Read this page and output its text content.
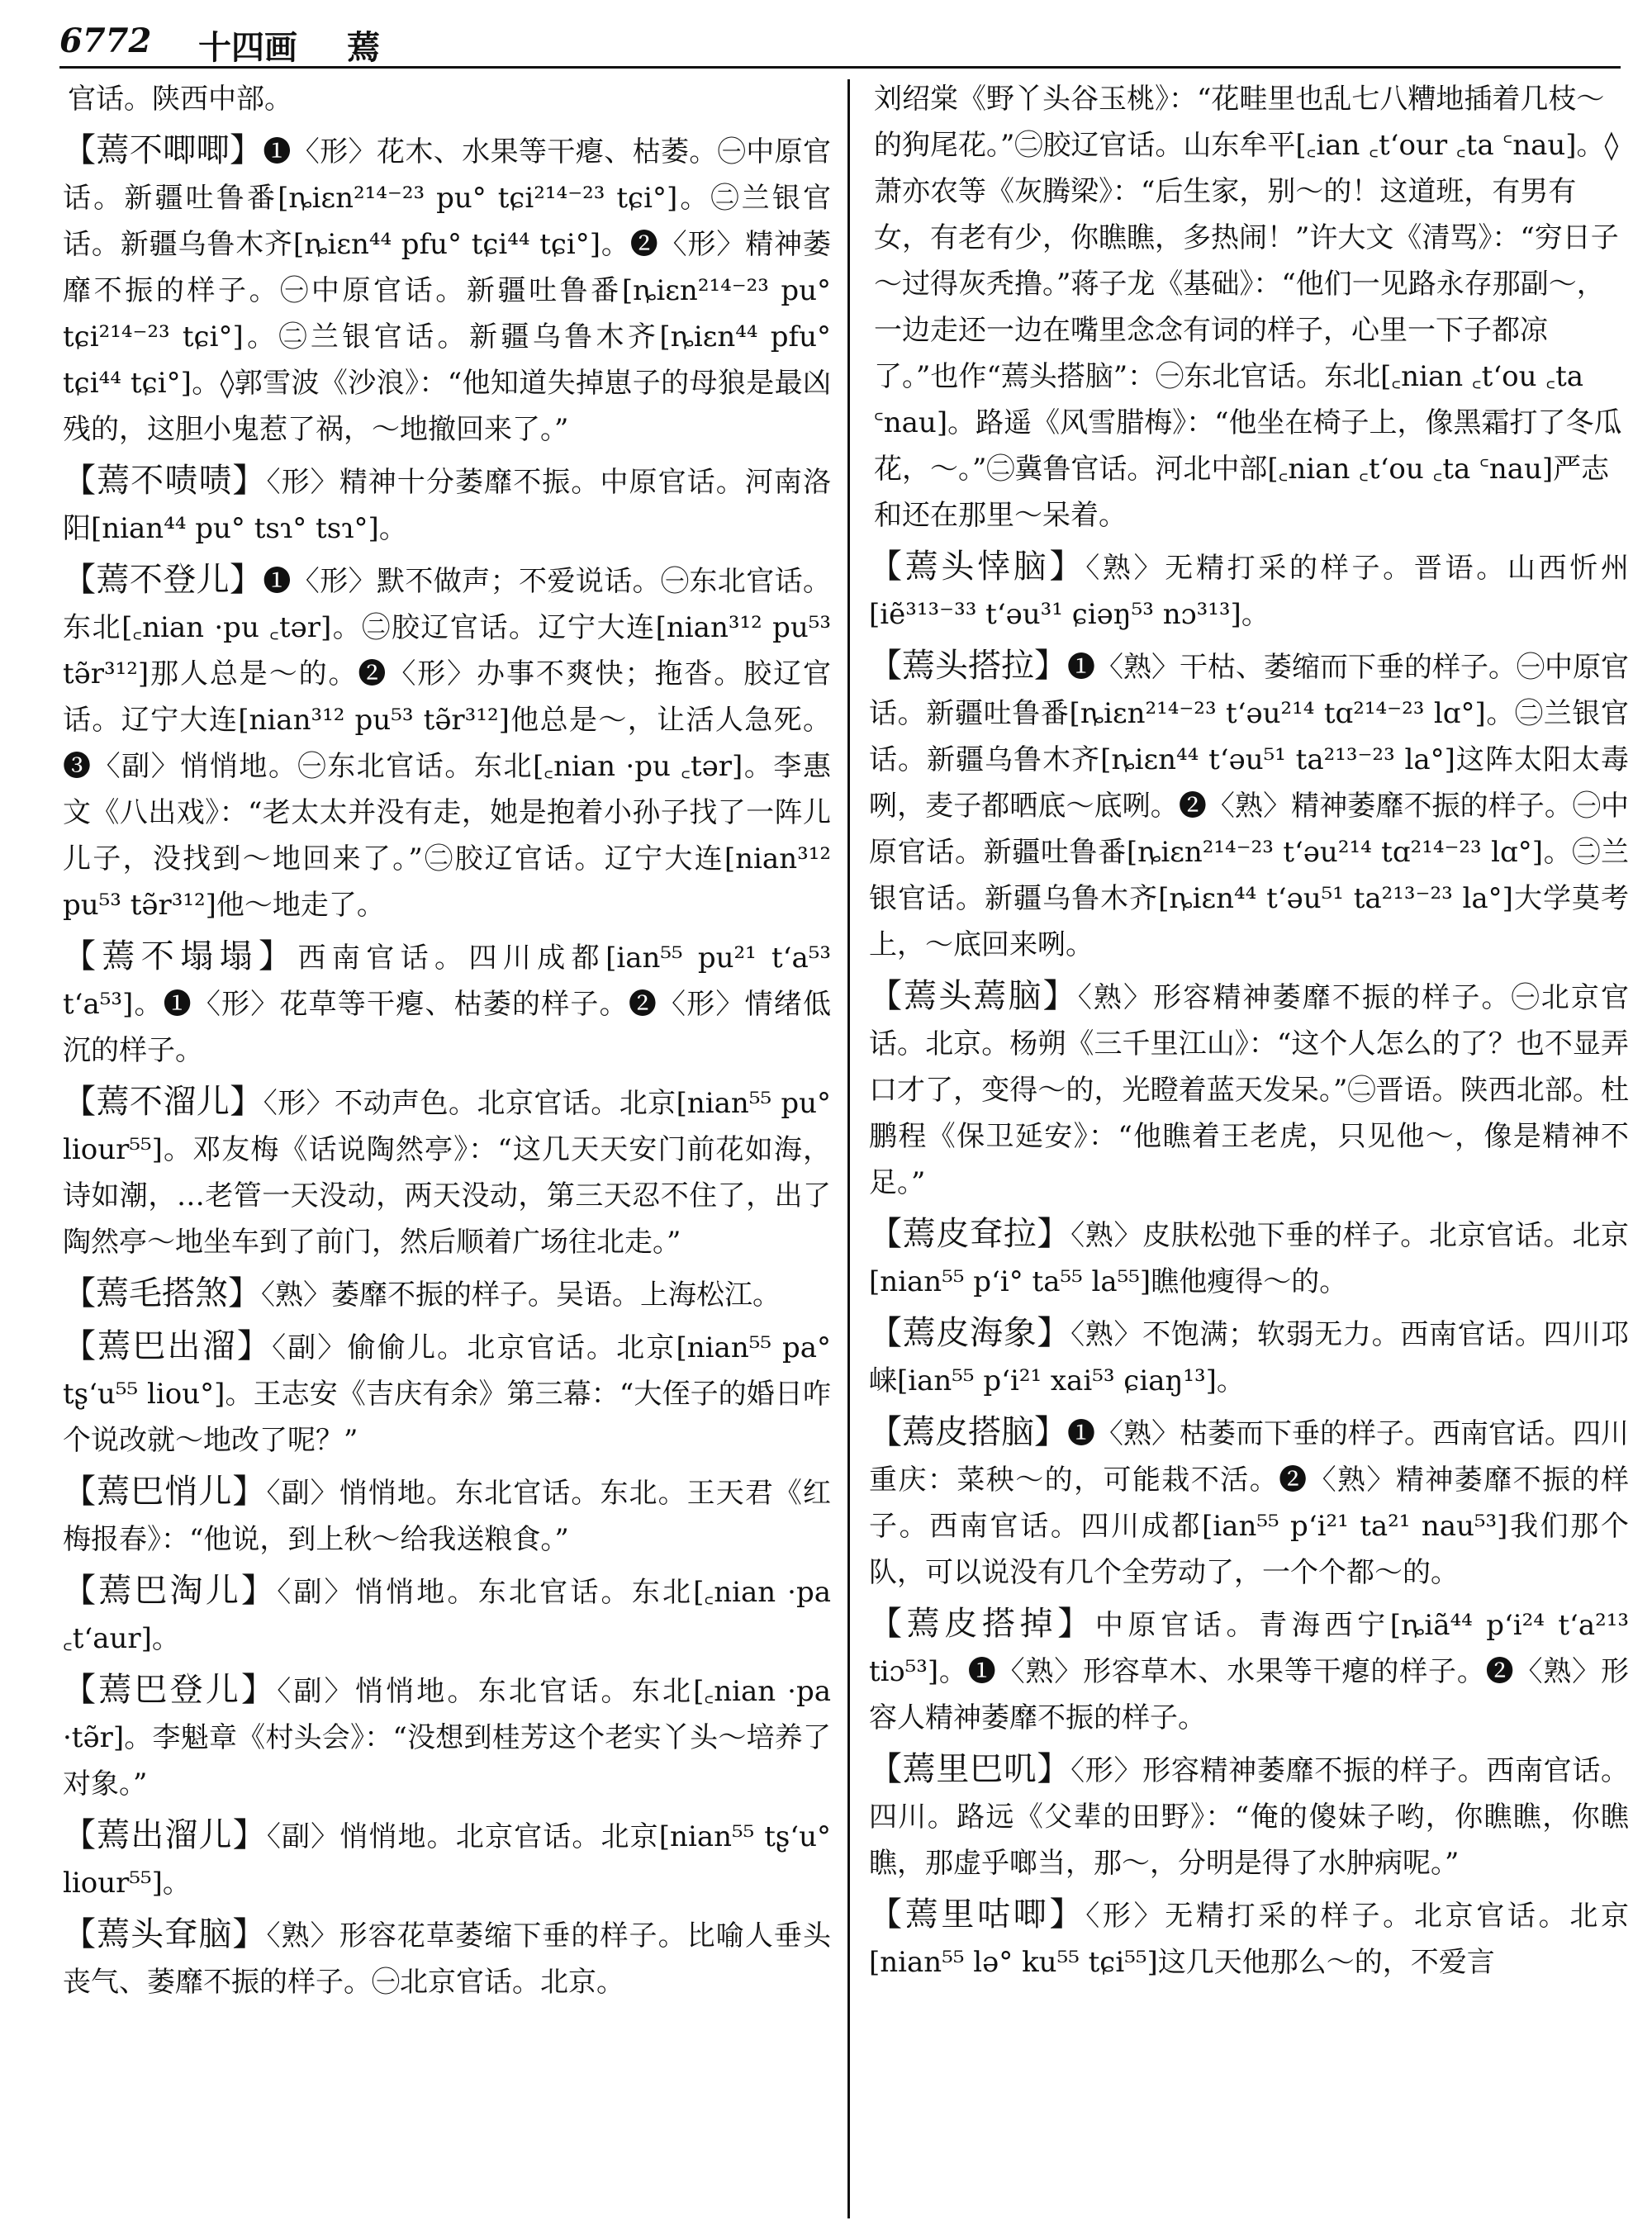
6772 十四画 蔫

官话。陕西中部。

【蔫不唧唧】❶〈形〉花木、水果等干瘪、枯萎。㊀中原官话。新疆吐鲁番[ȵiɛn²¹⁴⁻²³ pu° tɕi²¹⁴⁻²³ tɕi°]。㊁兰银官话。新疆乌鲁木齐[ȵiɛn⁴⁴ pfu° tɕi⁴⁴ tɕi°]。❷〈形〉精神萎靡不振的样子。㊀中原官话。新疆吐鲁番[ȵiɛn²¹⁴⁻²³ pu° tɕi²¹⁴⁻²³ tɕi°]。㊁兰银官话。新疆乌鲁木齐[ȵiɛn⁴⁴ pfu° tɕi⁴⁴ tɕi°]。◊郭雪波《沙浪》：“他知道失掉崽子的母狼是最凶残的，这胆小鬼惹了祸，～地撤回来了。”

【蔫不啧啧】〈形〉精神十分萎靡不振。中原官话。河南洛阳[nian⁴⁴ pu° tsɿ° tsɿ°]。

【蔫不登儿】❶〈形〉默不做声；不爱说话。㊀东北官话。东北[꜀nian ·pu ꜀tər]。㊁胶辽官话。辽宁大连[nian³¹² pu⁵³ tə̃r³¹²]那人总是～的。❷〈形〉办事不爽快；拖沓。胶辽官话。辽宁大连[nian³¹² pu⁵³ tə̃r³¹²]他总是～，让活人急死。❸〈副〉悄悄地。㊀东北官话。东北[꜀nian ·pu ꜀tər]。李惠文《八出戏》：“老太太并没有走，她是抱着小孙子找了一阵儿儿子，没找到～地回来了。”㊁胶辽官话。辽宁大连[nian³¹² pu⁵³ tə̃r³¹²]他～地走了。

【蔫不塌塌】西南官话。四川成都[ian⁵⁵ pu²¹ tʻa⁵³ tʻa⁵³]。❶〈形〉花草等干瘪、枯萎的样子。❷〈形〉情绪低沉的样子。

【蔫不溜儿】〈形〉不动声色。北京官话。北京[nian⁵⁵ pu° liour⁵⁵]。邓友梅《话说陶然亭》：“这几天天安门前花如海，诗如潮，…老管一天没动，两天没动，第三天忍不住了，出了陶然亭～地坐车到了前门，然后顺着广场往北走。”

【蔫毛搭煞】〈熟〉萎靡不振的样子。吴语。上海松江。

【蔫巴出溜】〈副〉偷偷儿。北京官话。北京[nian⁵⁵ pa° tʂʻu⁵⁵ liou°]。王志安《吉庆有余》第三幕：“大侄子的婚日咋个说改就～地改了呢？”

【蔫巴悄儿】〈副〉悄悄地。东北官话。东北。王天君《红梅报春》：“他说，到上秋～给我送粮食。”

【蔫巴淘儿】〈副〉悄悄地。东北官话。东北[꜀nian ·pa ꜀tʻaur]。

【蔫巴登儿】〈副〉悄悄地。东北官话。东北[꜀nian ·pa ·tə̃r]。李魁章《村头会》：“没想到桂芳这个老实丫头～培养了对象。”

【蔫出溜儿】〈副〉悄悄地。北京官话。北京[nian⁵⁵ tʂʻu° liour⁵⁵]。

【蔫头耷脑】〈熟〉形容花草萎缩下垂的样子。比喻人垂头丧气、萎靡不振的样子。㊀北京官话。北京。

刘绍棠《野丫头谷玉桃》：“花畦里也乱七八糟地插着几枝～的狗尾花。”㊁胶辽官话。山东牟平[꜀ian ꜀tʻour ꜀ta ꜂nau]。◊萧亦农等《灰腾梁》：“后生家，别～的！这道班，有男有女，有老有少，你瞧瞧，多热闹！”许大文《清骂》：“穷日子～过得灰秃撸。”蒋子龙《基础》：“他们一见路永存那副～，一边走还一边在嘴里念念有词的样子，心里一下子都凉了。”也作“蔫头搭脑”：㊀东北官话。东北[꜀nian ꜀tʻou ꜀ta ꜂nau]。路遥《风雪腊梅》：“他坐在椅子上，像黑霜打了冬瓜花，～。”㊁冀鲁官话。河北中部[꜀nian ꜀tʻou ꜀ta ꜂nau]严志和还在那里～呆着。

【蔫头悻脑】〈熟〉无精打采的样子。晋语。山西忻州[iẽ³¹³⁻³³ tʻəu³¹ ɕiəŋ⁵³ nɔ³¹³]。

【蔫头搭拉】❶〈熟〉干枯、萎缩而下垂的样子。㊀中原官话。新疆吐鲁番[ȵiɛn²¹⁴⁻²³ tʻəu²¹⁴ tɑ²¹⁴⁻²³ lɑ°]。㊁兰银官话。新疆乌鲁木齐[ȵiɛn⁴⁴ tʻəu⁵¹ ta²¹³⁻²³ la°]这阵太阳太毒咧，麦子都晒底～底咧。❷〈熟〉精神萎靡不振的样子。㊀中原官话。新疆吐鲁番[ȵiɛn²¹⁴⁻²³ tʻəu²¹⁴ tɑ²¹⁴⁻²³ lɑ°]。㊁兰银官话。新疆乌鲁木齐[ȵiɛn⁴⁴ tʻəu⁵¹ ta²¹³⁻²³ la°]大学莫考上，～底回来咧。

【蔫头蔫脑】〈熟〉形容精神萎靡不振的样子。㊀北京官话。北京。杨朔《三千里江山》：“这个人怎么的了？也不显弄口才了，变得～的，光瞪着蓝天发呆。”㊁晋语。陕西北部。杜鹏程《保卫延安》：“他瞧着王老虎，只见他～，像是精神不足。”

【蔫皮耷拉】〈熟〉皮肤松弛下垂的样子。北京官话。北京[nian⁵⁵ pʻi° ta⁵⁵ la⁵⁵]瞧他瘦得～的。

【蔫皮海象】〈熟〉不饱满；软弱无力。西南官话。四川邛崃[ian⁵⁵ pʻi²¹ xai⁵³ ɕiaŋ¹³]。

【蔫皮搭脑】❶〈熟〉枯萎而下垂的样子。西南官话。四川重庆：菜秧～的，可能栽不活。❷〈熟〉精神萎靡不振的样子。西南官话。四川成都[ian⁵⁵ pʻi²¹ ta²¹ nau⁵³]我们那个队，可以说没有几个全劳动了，一个个都～的。

【蔫皮搭掉】中原官话。青海西宁[ȵiã⁴⁴ pʻi²⁴ tʻa²¹³ tiɔ⁵³]。❶〈熟〉形容草木、水果等干瘪的样子。❷〈熟〉形容人精神萎靡不振的样子。

【蔫里巴叽】〈形〉形容精神萎靡不振的样子。西南官话。四川。路远《父辈的田野》：“俺的傻妹子哟，你瞧瞧，你瞧瞧，那虚乎啷当，那～，分明是得了水肿病呢。”

【蔫里咕唧】〈形〉无精打采的样子。北京官话。北京[nian⁵⁵ lə° ku⁵⁵ tɕi⁵⁵]这几天他那么～的，不爱言
